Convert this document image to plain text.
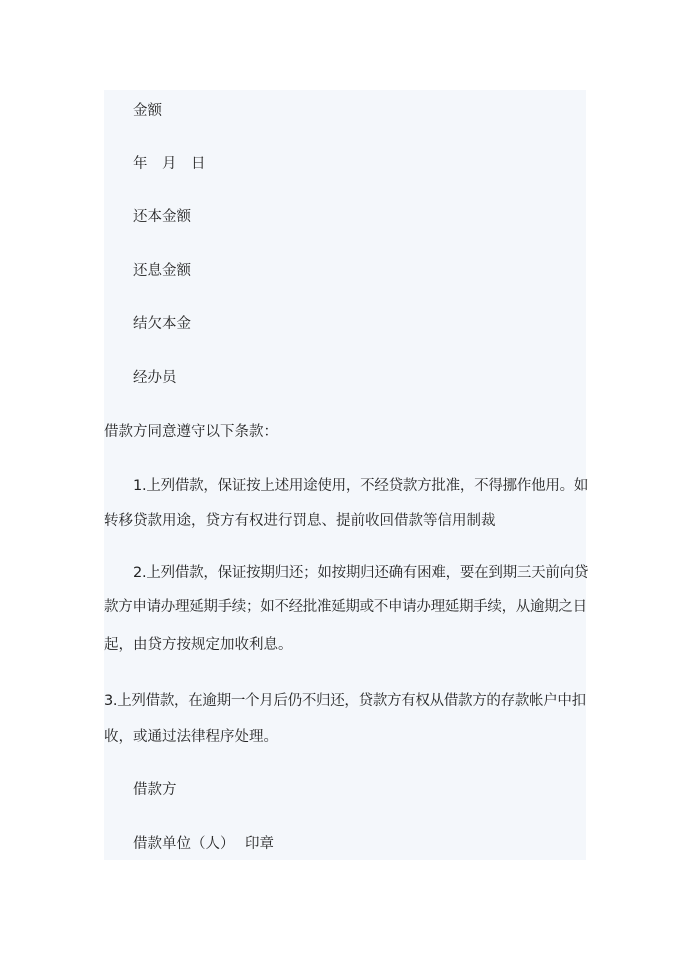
金额
年　月　日
还本金额
还息金额
结欠本金
经办员
借款方同意遵守以下条款：
1.上列借款，保证按上述用途使用，不经贷款方批准，不得挪作他用。如
转移贷款用途，贷方有权进行罚息、提前收回借款等信用制裁
2.上列借款，保证按期归还；如按期归还确有困难，要在到期三天前向贷
款方申请办理延期手续；如不经批准延期或不申请办理延期手续，从逾期之日
起，由贷方按规定加收利息。
3.上列借款，在逾期一个月后仍不归还，贷款方有权从借款方的存款帐户中扣
收，或通过法律程序处理。
借款方
借款单位（人） 印章
